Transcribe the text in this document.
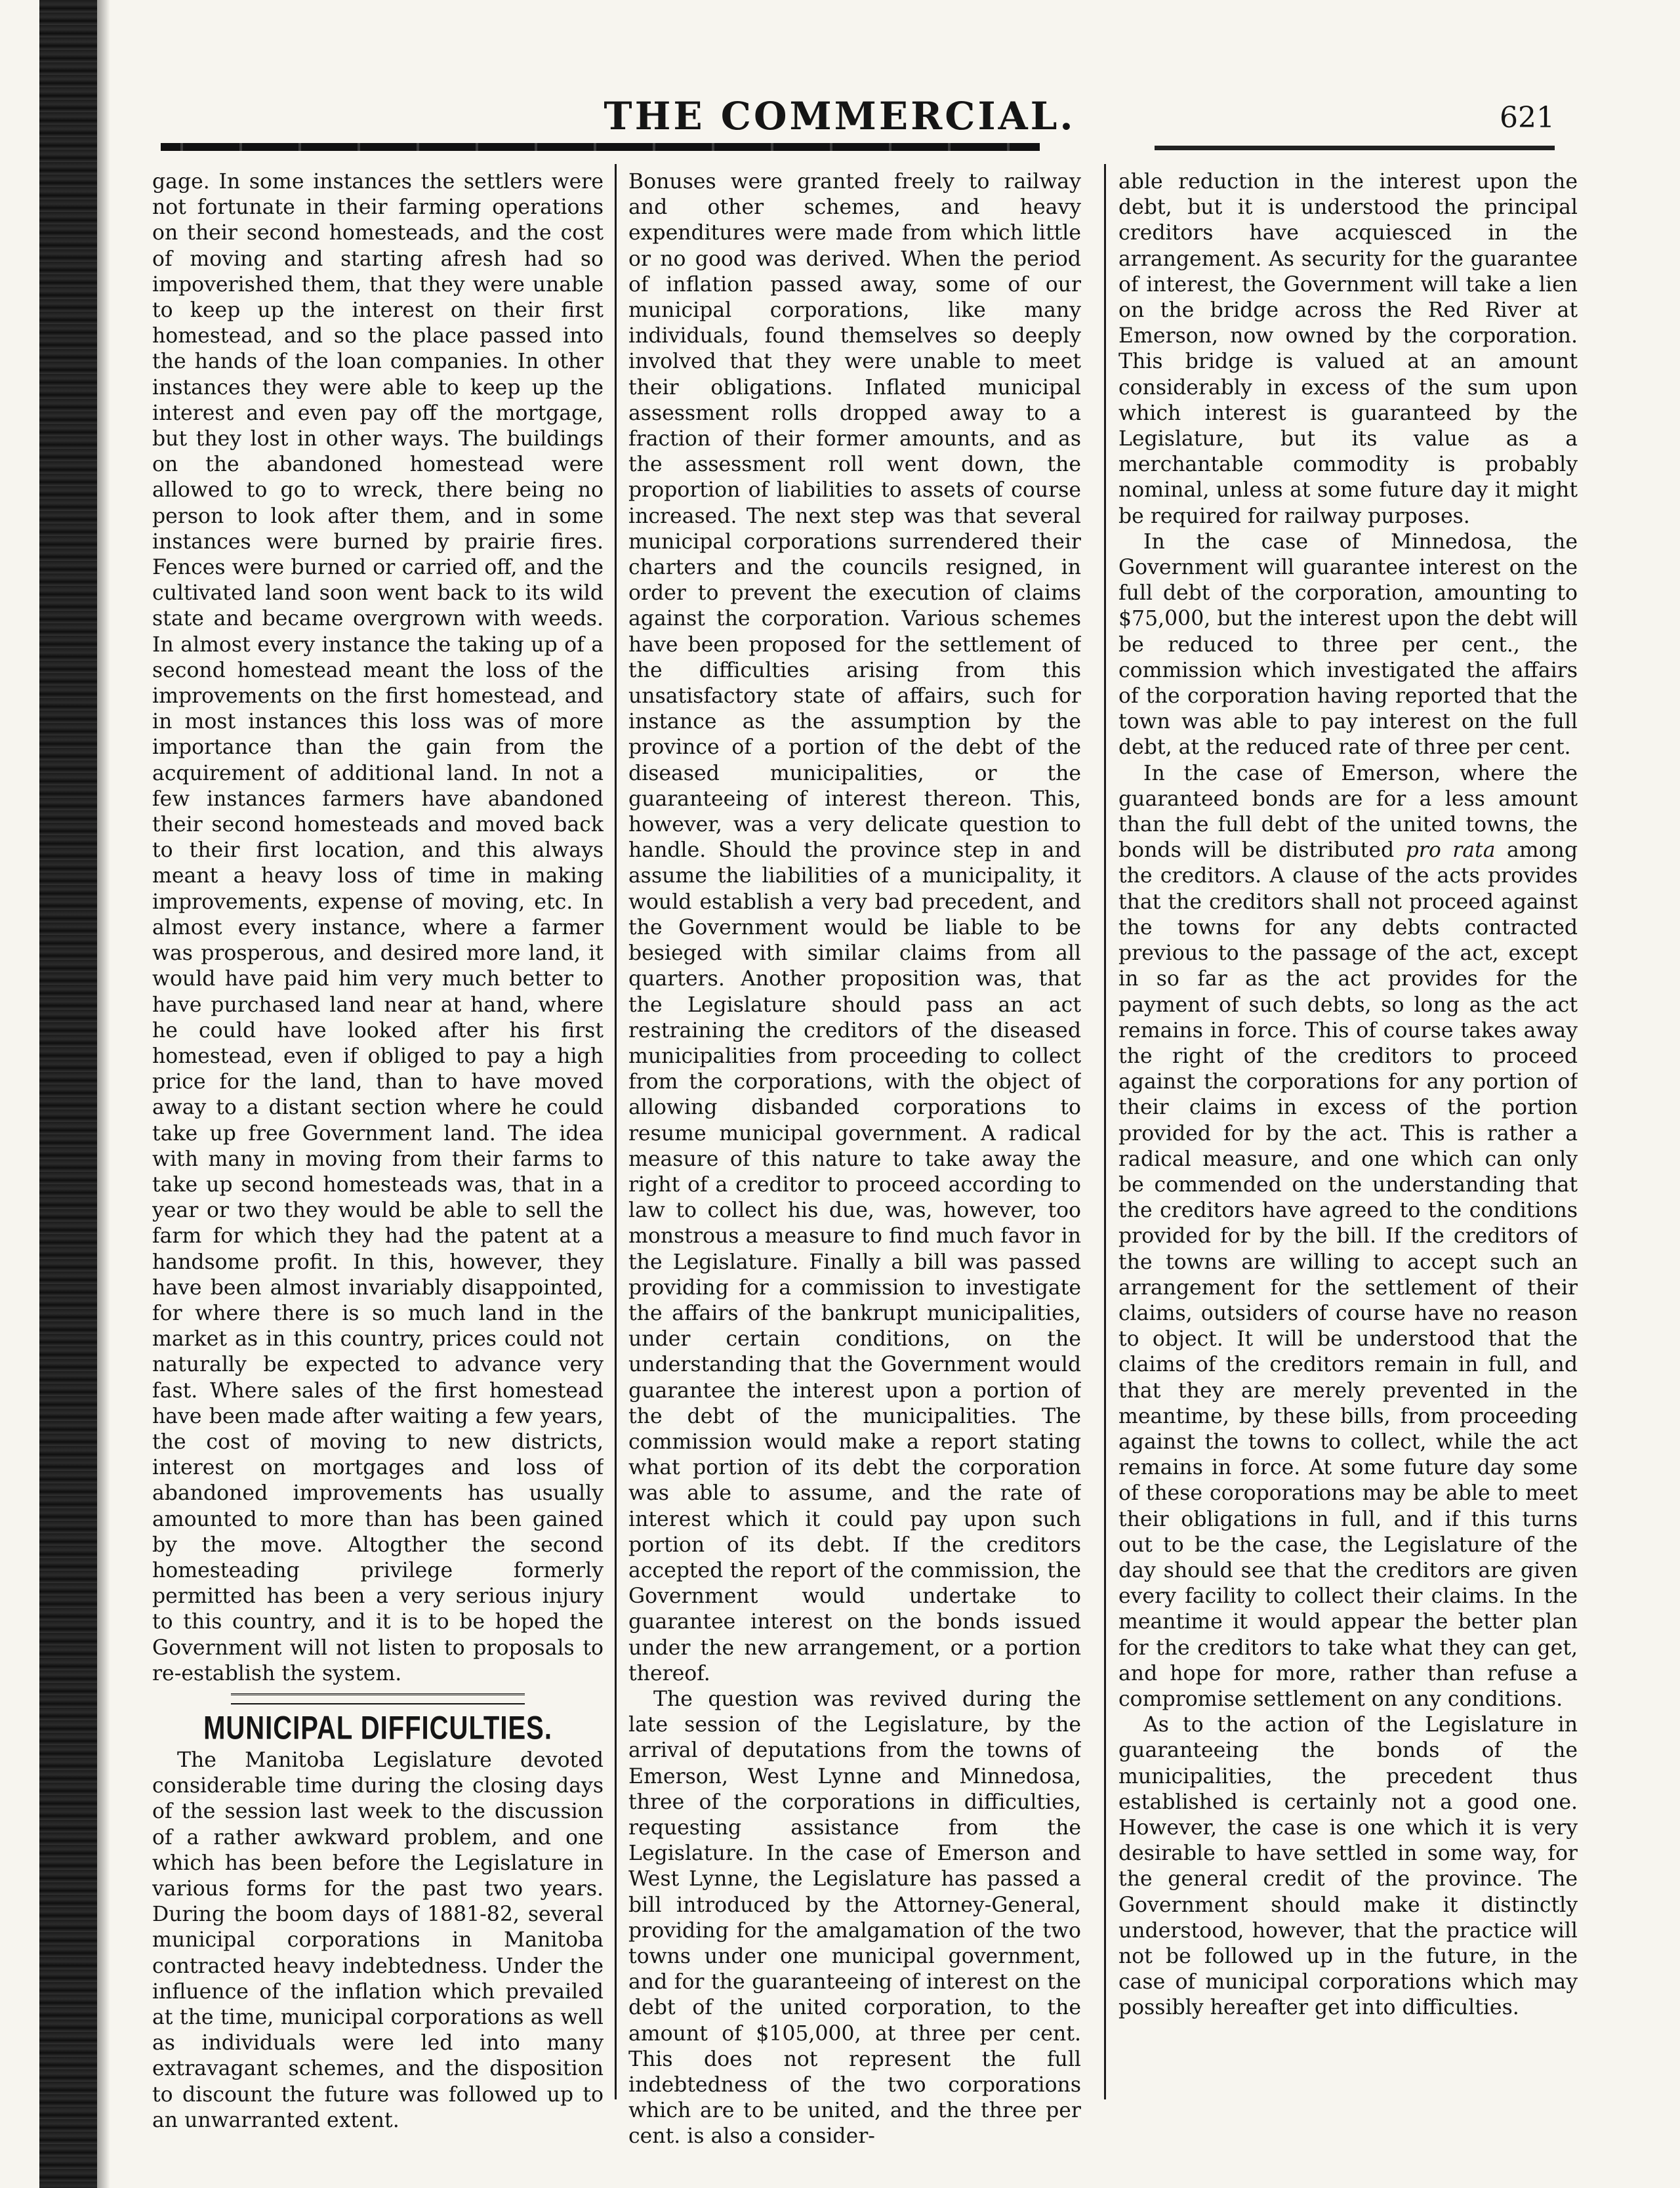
THE COMMERCIAL.	621

gage. In some instances the settlers were not fortunate in their farming operations on their second homesteads, and the cost of moving and starting afresh had so impoverished them, that they were unable to keep up the interest on their first homestead, and so the place passed into the hands of the loan companies. In other instances they were able to keep up the interest and even pay off the mortgage, but they lost in other ways. The buildings on the abandoned homestead were allowed to go to wreck, there being no person to look after them, and in some instances were burned by prairie fires. Fences were burned or carried off, and the cultivated land soon went back to its wild state and became overgrown with weeds. In almost every instance the taking up of a second homestead meant the loss of the improvements on the first homestead, and in most instances this loss was of more importance than the gain from the acquirement of additional land. In not a few instances farmers have abandoned their second homesteads and moved back to their first location, and this always meant a heavy loss of time in making improvements, expense of moving, etc. In almost every instance, where a farmer was prosperous, and desired more land, it would have paid him very much better to have purchased land near at hand, where he could have looked after his first homestead, even if obliged to pay a high price for the land, than to have moved away to a distant section where he could take up free Government land. The idea with many in moving from their farms to take up second homesteads was, that in a year or two they would be able to sell the farm for which they had the patent at a handsome profit. In this, however, they have been almost invariably disappointed, for where there is so much land in the market as in this country, prices could not naturally be expected to advance very fast. Where sales of the first homestead have been made after waiting a few years, the cost of moving to new districts, interest on mortgages and loss of abandoned improvements has usually amounted to more than has been gained by the move. Altogther the second homesteading privilege formerly permitted has been a very serious injury to this country, and it is to be hoped the Government will not listen to proposals to re-establish the system.

MUNICIPAL DIFFICULTIES.

The Manitoba Legislature devoted considerable time during the closing days of the session last week to the discussion of a rather awkward problem, and one which has been before the Legislature in various forms for the past two years. During the boom days of 1881-82, several municipal corporations in Manitoba contracted heavy indebtedness. Under the influence of the inflation which prevailed at the time, municipal corporations as well as individuals were led into many extravagant schemes, and the disposition to discount the future was followed up to an unwarranted extent.

Bonuses were granted freely to railway and other schemes, and heavy expenditures were made from which little or no good was derived. When the period of inflation passed away, some of our municipal corporations, like many individuals, found themselves so deeply involved that they were unable to meet their obligations. Inflated municipal assessment rolls dropped away to a fraction of their former amounts, and as the assessment roll went down, the proportion of liabilities to assets of course increased. The next step was that several municipal corporations surrendered their charters and the councils resigned, in order to prevent the execution of claims against the corporation. Various schemes have been proposed for the settlement of the difficulties arising from this unsatisfactory state of affairs, such for instance as the assumption by the province of a portion of the debt of the diseased municipalities, or the guaranteeing of interest thereon. This, however, was a very delicate question to handle. Should the province step in and assume the liabilities of a municipality, it would establish a very bad precedent, and the Government would be liable to be besieged with similar claims from all quarters. Another proposition was, that the Legislature should pass an act restraining the creditors of the diseased municipalities from proceeding to collect from the corporations, with the object of allowing disbanded corporations to resume municipal government. A radical measure of this nature to take away the right of a creditor to proceed according to law to collect his due, was, however, too monstrous a measure to find much favor in the Legislature. Finally a bill was passed providing for a commission to investigate the affairs of the bankrupt municipalities, under certain conditions, on the understanding that the Government would guarantee the interest upon a portion of the debt of the municipalities. The commission would make a report stating what portion of its debt the corporation was able to assume, and the rate of interest which it could pay upon such portion of its debt. If the creditors accepted the report of the commission, the Government would undertake to guarantee interest on the bonds issued under the new arrangement, or a portion thereof.

The question was revived during the late session of the Legislature, by the arrival of deputations from the towns of Emerson, West Lynne and Minnedosa, three of the corporations in difficulties, requesting assistance from the Legislature. In the case of Emerson and West Lynne, the Legislature has passed a bill introduced by the Attorney-General, providing for the amalgamation of the two towns under one municipal government, and for the guaranteeing of interest on the debt of the united corporation, to the amount of $105,000, at three per cent. This does not represent the full indebtedness of the two corporations which are to be united, and the three per cent. is also a consider-

able reduction in the interest upon the debt, but it is understood the principal creditors have acquiesced in the arrangement. As security for the guarantee of interest, the Government will take a lien on the bridge across the Red River at Emerson, now owned by the corporation. This bridge is valued at an amount considerably in excess of the sum upon which interest is guaranteed by the Legislature, but its value as a merchantable commodity is probably nominal, unless at some future day it might be required for railway purposes.

In the case of Minnedosa, the Government will guarantee interest on the full debt of the corporation, amounting to $75,000, but the interest upon the debt will be reduced to three per cent., the commission which investigated the affairs of the corporation having reported that the town was able to pay interest on the full debt, at the reduced rate of three per cent.

In the case of Emerson, where the guaranteed bonds are for a less amount than the full debt of the united towns, the bonds will be distributed pro rata among the creditors. A clause of the acts provides that the creditors shall not proceed against the towns for any debts contracted previous to the passage of the act, except in so far as the act provides for the payment of such debts, so long as the act remains in force. This of course takes away the right of the creditors to proceed against the corporations for any portion of their claims in excess of the portion provided for by the act. This is rather a radical measure, and one which can only be commended on the understanding that the creditors have agreed to the conditions provided for by the bill. If the creditors of the towns are willing to accept such an arrangement for the settlement of their claims, outsiders of course have no reason to object. It will be understood that the claims of the creditors remain in full, and that they are merely prevented in the meantime, by these bills, from proceeding against the towns to collect, while the act remains in force. At some future day some of these coroporations may be able to meet their obligations in full, and if this turns out to be the case, the Legislature of the day should see that the creditors are given every facility to collect their claims. In the meantime it would appear the better plan for the creditors to take what they can get, and hope for more, rather than refuse a compromise settlement on any conditions.

As to the action of the Legislature in guaranteeing the bonds of the municipalities, the precedent thus established is certainly not a good one. However, the case is one which it is very desirable to have settled in some way, for the general credit of the province. The Government should make it distinctly understood, however, that the practice will not be followed up in the future, in the case of municipal corporations which may possibly hereafter get into difficulties.
